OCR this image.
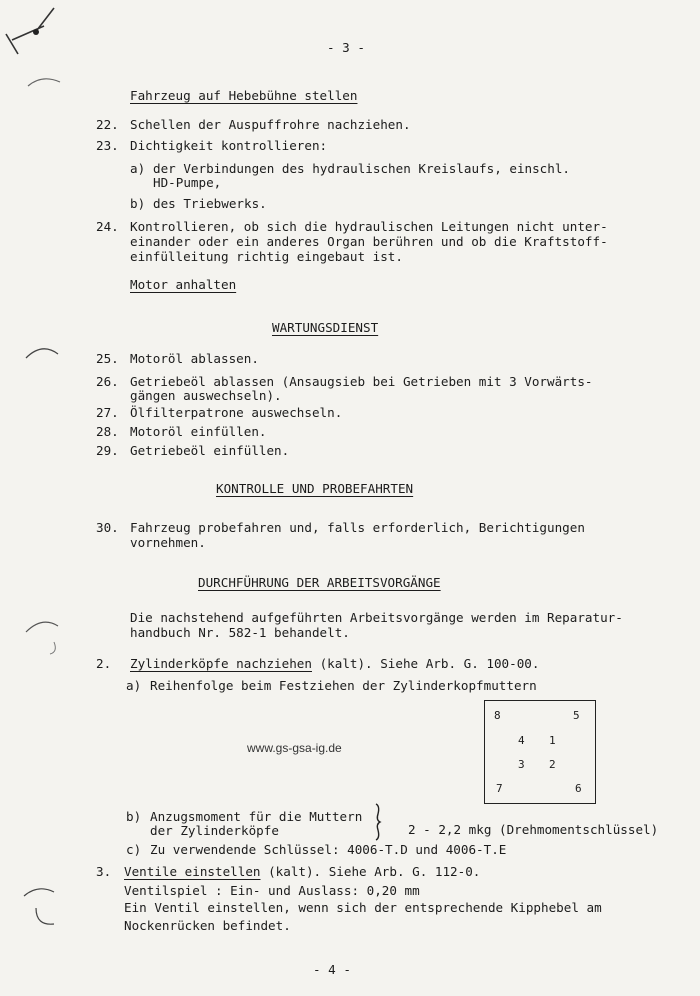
- 3 -
Fahrzeug auf Hebebühne stellen
22. Schellen der Auspuffrohre nachziehen.
23. Dichtigkeit kontrollieren:
a) der Verbindungen des hydraulischen Kreislaufs, einschl.
HD-Pumpe,
b) des Triebwerks.
24. Kontrollieren, ob sich die hydraulischen Leitungen nicht unter-
einander oder ein anderes Organ berühren und ob die Kraftstoff-
einfülleitung richtig eingebaut ist.
Motor anhalten
WARTUNGSDIENST
25. Motoröl ablassen.
26. Getriebeöl ablassen (Ansaugsieb bei Getrieben mit 3 Vorwärts-
gängen auswechseln).
27. Ölfilterpatrone auswechseln.
28. Motoröl einfüllen.
29. Getriebeöl einfüllen.
KONTROLLE UND PROBEFAHRTEN
30. Fahrzeug probefahren und, falls erforderlich, Berichtigungen
vornehmen.
DURCHFÜHRUNG DER ARBEITSVORGÄNGE
Die nachstehend aufgeführten Arbeitsvorgänge werden im Reparatur-
handbuch Nr. 582-1 behandelt.
2. Zylinderköpfe nachziehen (kalt). Siehe Arb. G. 100-00.
a) Reihenfolge beim Festziehen der Zylinderkopfmuttern
8	5
4 1
3 2
7	6
www.gs-gsa-ig.de
b) Anzugsmoment für die Muttern
der Zylinderköpfe	2 - 2,2 mkg (Drehmomentschlüssel)
c) Zu verwendende Schlüssel: 4006-T.D und 4006-T.E
3. Ventile einstellen (kalt). Siehe Arb. G. 112-0.
Ventilspiel : Ein- und Auslass: 0,20 mm
Ein Ventil einstellen, wenn sich der entsprechende Kipphebel am
Nockenrücken befindet.
- 4 -
